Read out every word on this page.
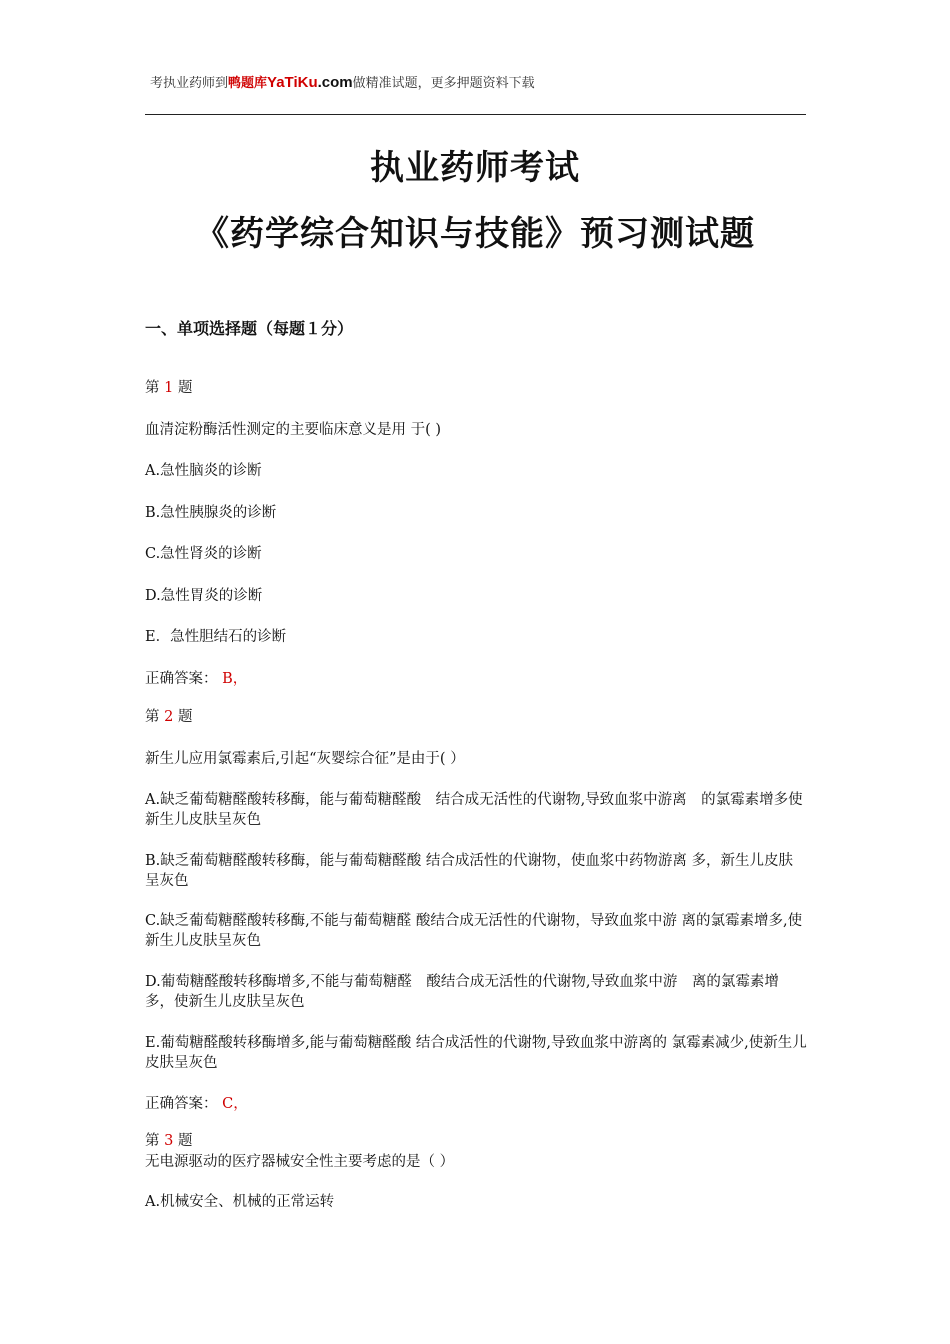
考执业药师到鸭题库YaTiKu.com做精准试题，更多押题资料下载
执业药师考试
《药学综合知识与技能》预习测试题
一、单项选择题（每题１分）
第 1 题
血清淀粉酶活性测定的主要临床意义是用 于( )
A.急性脑炎的诊断
B.急性胰腺炎的诊断
C.急性肾炎的诊断
D.急性胃炎的诊断
E．急性胆结石的诊断
正确答案： B，
第 2 题
新生儿应用氯霉素后,引起“灰婴综合征”是由于( ）
A.缺乏葡萄糖醛酸转移酶，能与葡萄糖醛酸　结合成无活性的代谢物,导致血浆中游离　的氯霉素增多使新生儿皮肤呈灰色
B.缺乏葡萄糖醛酸转移酶，能与葡萄糖醛酸 结合成活性的代谢物，使血浆中药物游离 多，新生儿皮肤呈灰色
C.缺乏葡萄糖醛酸转移酶,不能与葡萄糖醛 酸结合成无活性的代谢物，导致血浆中游 离的氯霉素增多,使新生儿皮肤呈灰色
D.葡萄糖醛酸转移酶增多,不能与葡萄糖醛　酸结合成无活性的代谢物,导致血浆中游　离的氯霉素增多，使新生儿皮肤呈灰色
E.葡萄糖醛酸转移酶增多,能与葡萄糖醛酸 结合成活性的代谢物,导致血浆中游离的 氯霉素减少,使新生儿皮肤呈灰色
正确答案： C，
第 3 题
无电源驱动的医疗器械安全性主要考虑的是（ ）
A.机械安全、机械的正常运转
